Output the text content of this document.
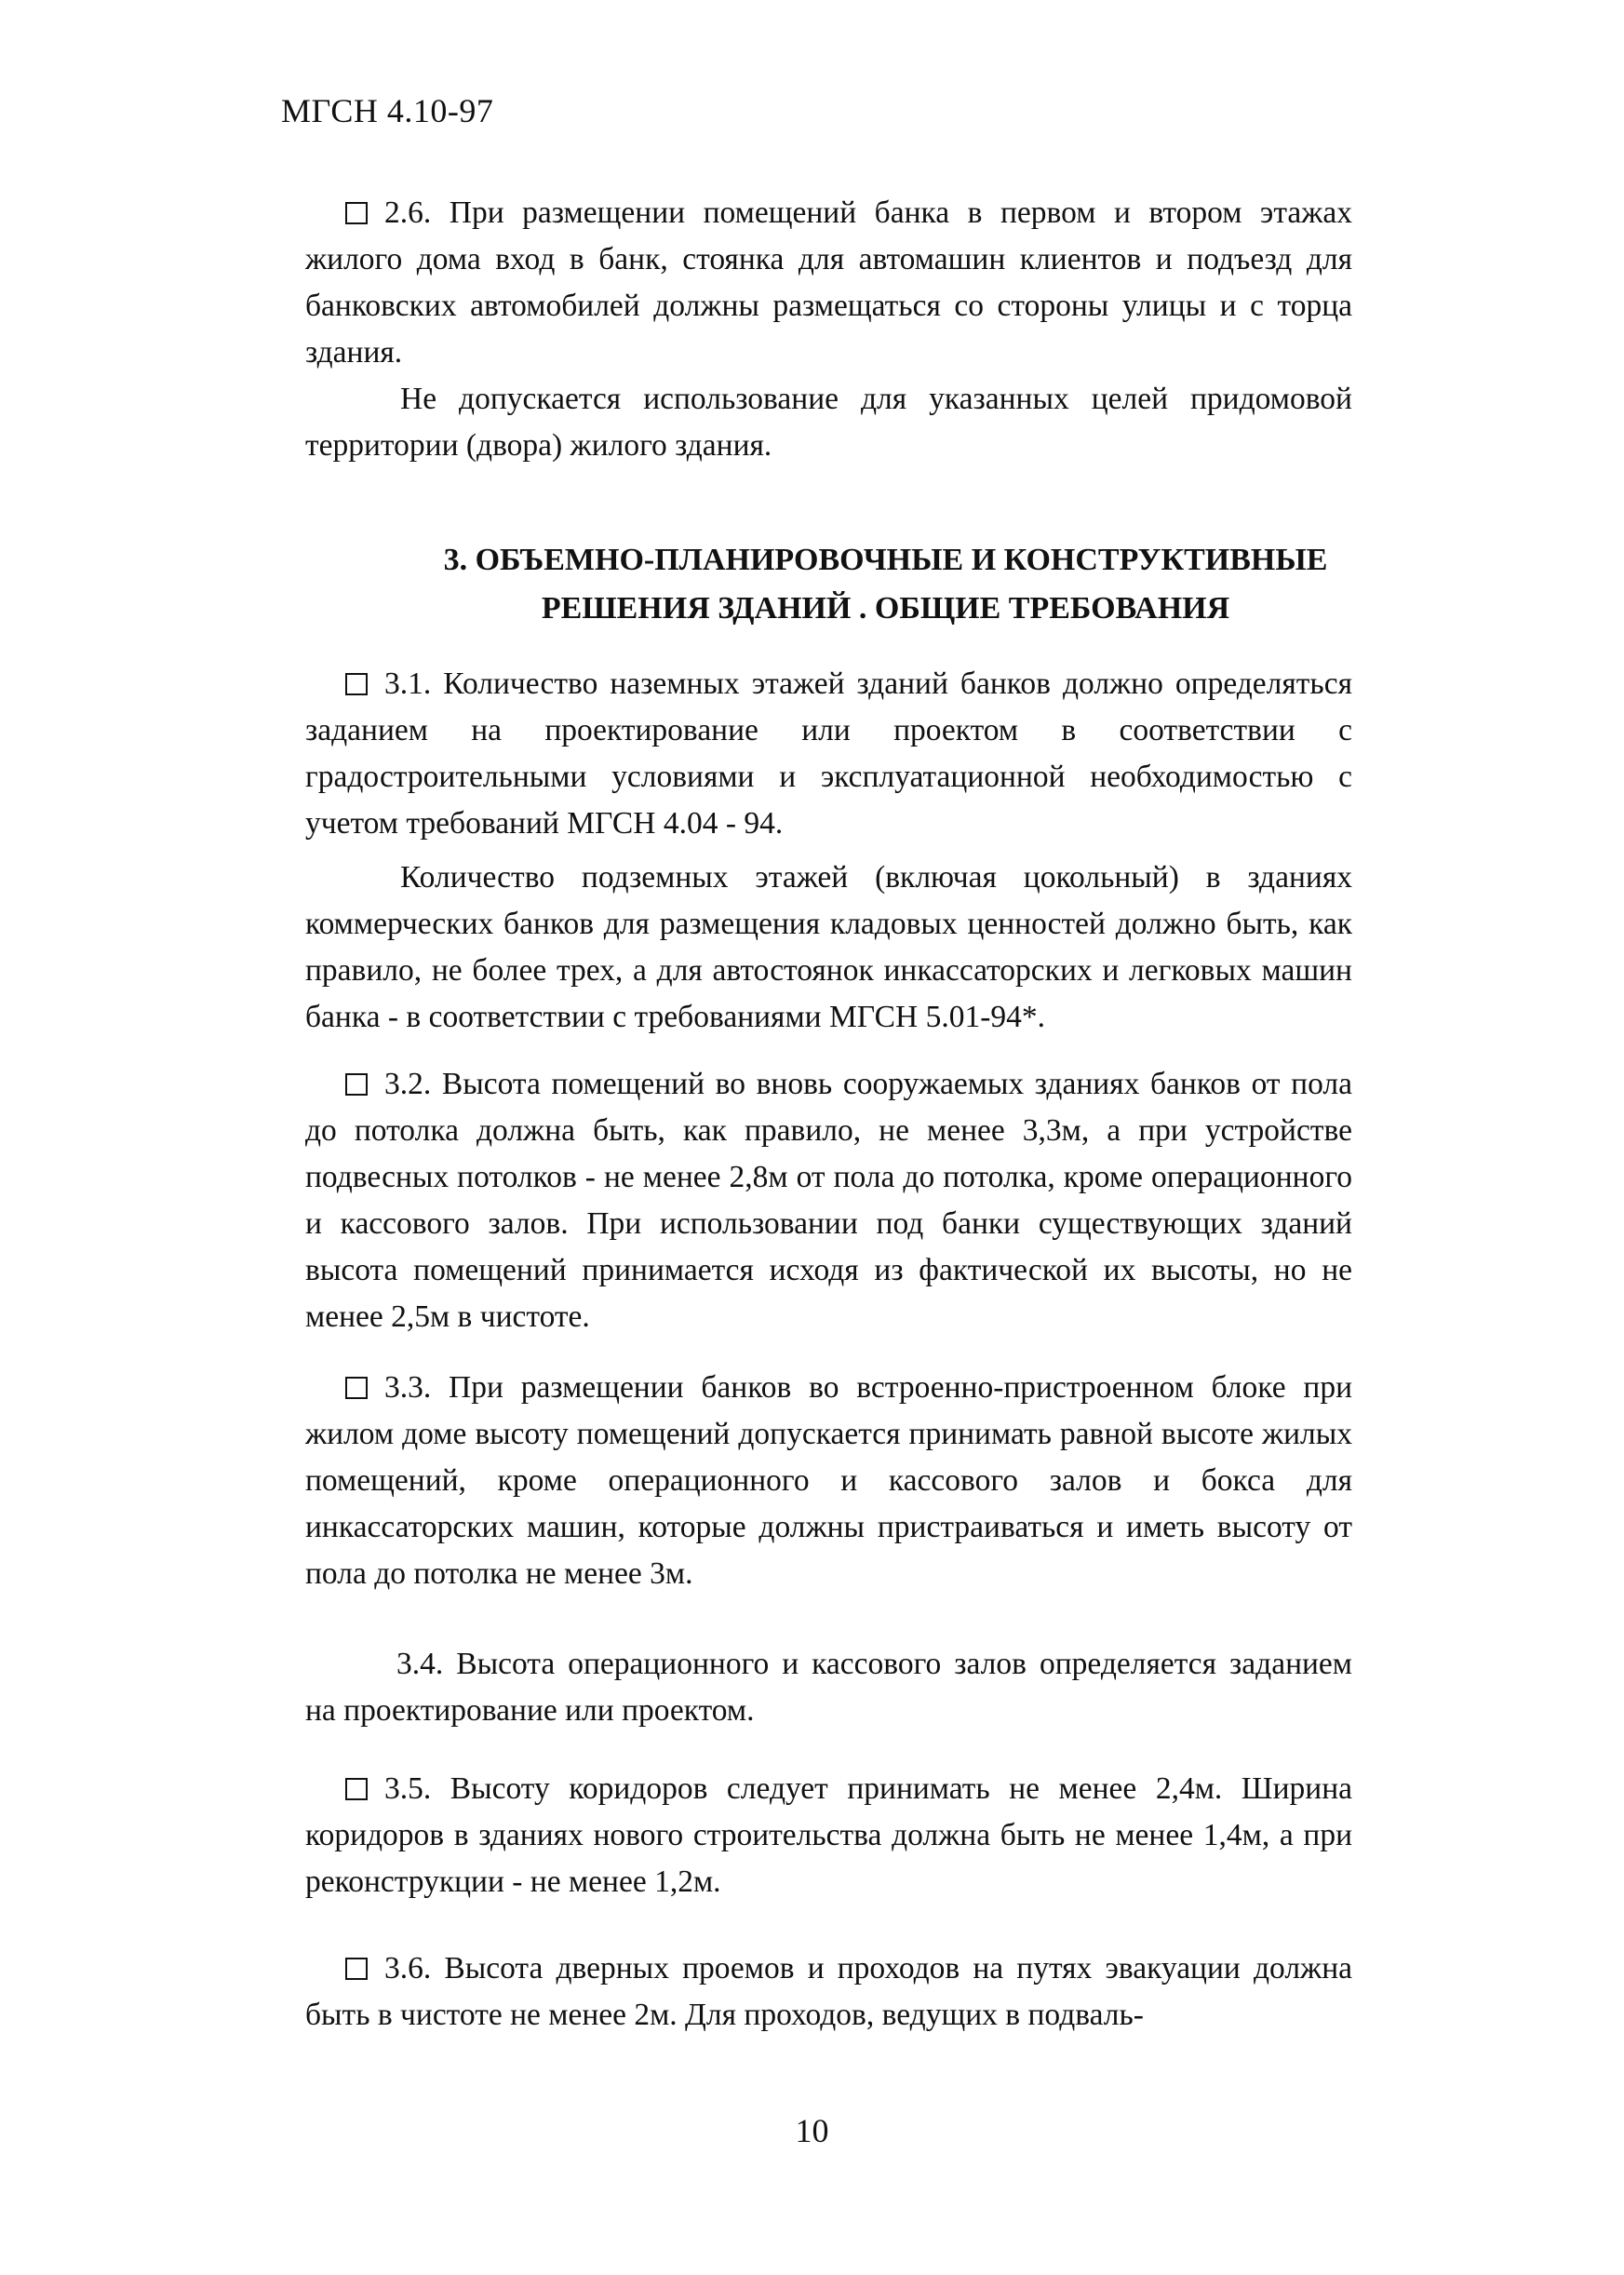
МГСН 4.10-97

2.6. При размещении помещений банка в первом и втором этажах жилого дома вход в банк, стоянка для автомашин клиентов и подъезд для банковских автомобилей должны размещаться со стороны улицы и с торца здания.

Не допускается использование для указанных целей придомовой территории (двора) жилого здания.

3. ОБЪЕМНО-ПЛАНИРОВОЧНЫЕ И КОНСТРУКТИВНЫЕ
РЕШЕНИЯ ЗДАНИЙ . ОБЩИЕ ТРЕБОВАНИЯ

3.1. Количество наземных этажей зданий банков должно определяться заданием на проектирование или проектом в соответствии с градостроительными условиями и эксплуатационной необходимостью с учетом требований МГСН 4.04 - 94.

Количество подземных этажей (включая цокольный) в зданиях коммерческих банков для размещения кладовых ценностей должно быть, как правило, не более трех, а для автостоянок инкассаторских и легковых машин банка - в соответствии с требованиями МГСН 5.01-94*.

3.2. Высота помещений во вновь сооружаемых зданиях банков от пола до потолка должна быть, как правило, не менее 3,3м, а при устройстве подвесных потолков - не менее 2,8м от пола до потолка, кроме операционного и кассового залов. При использовании под банки существующих зданий высота помещений принимается исходя из фактической их высоты, но не менее 2,5м в чистоте.

3.3. При размещении банков во встроенно-пристроенном блоке при жилом доме высоту помещений допускается принимать равной высоте жилых помещений, кроме операционного и кассового залов и бокса для инкассаторских машин, которые должны пристраиваться и иметь высоту от пола до потолка не менее 3м.

3.4. Высота операционного и кассового залов определяется заданием на проектирование или проектом.

3.5. Высоту коридоров следует принимать не менее 2,4м. Ширина коридоров в зданиях нового строительства должна быть не менее 1,4м, а при реконструкции - не менее 1,2м.

3.6. Высота дверных проемов и проходов на путях эвакуации должна быть в чистоте не менее 2м. Для проходов, ведущих в подваль-

10
